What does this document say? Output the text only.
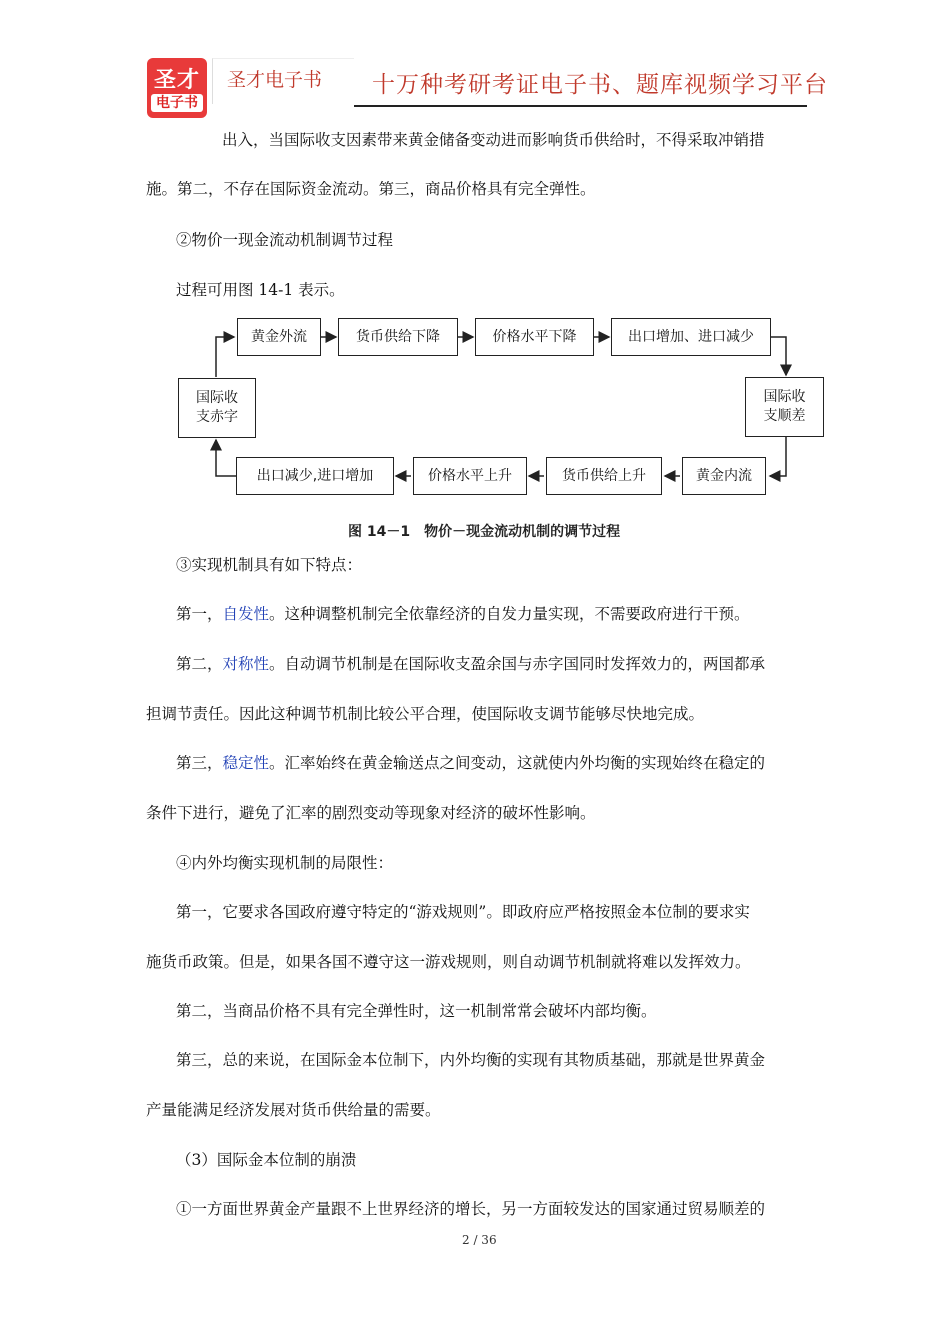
圣才
电子书
圣才电子书	十万种考研考证电子书、题库视频学习平台
出入，当国际收支因素带来黄金储备变动进而影响货币供给时，不得采取冲销措
施。第二，不存在国际资金流动。第三，商品价格具有完全弹性。
②物价一现金流动机制调节过程
过程可用图 14-1 表示。
黄金外流	货币供给下降	价格水平下降	出口增加、进口减少
国际收
支顺差
黄金内流
货币供给上升
价格水平上升
出口减少,进口增加
国际收
支赤字
图 14－1　物价－现金流动机制的调节过程
③实现机制具有如下特点：
第一，自发性。这种调整机制完全依靠经济的自发力量实现，不需要政府进行干预。
第二，对称性。自动调节机制是在国际收支盈余国与赤字国同时发挥效力的，两国都承
担调节责任。因此这种调节机制比较公平合理，使国际收支调节能够尽快地完成。
第三，稳定性。汇率始终在黄金输送点之间变动，这就使内外均衡的实现始终在稳定的
条件下进行，避免了汇率的剧烈变动等现象对经济的破坏性影响。
④内外均衡实现机制的局限性：
第一，它要求各国政府遵守特定的“游戏规则”。即政府应严格按照金本位制的要求实
施货币政策。但是，如果各国不遵守这一游戏规则，则自动调节机制就将难以发挥效力。
第二，当商品价格不具有完全弹性时，这一机制常常会破坏内部均衡。
第三，总的来说，在国际金本位制下，内外均衡的实现有其物质基础，那就是世界黄金
产量能满足经济发展对货币供给量的需要。
（3）国际金本位制的崩溃
①一方面世界黄金产量跟不上世界经济的增长，另一方面较发达的国家通过贸易顺差的
2 / 36
